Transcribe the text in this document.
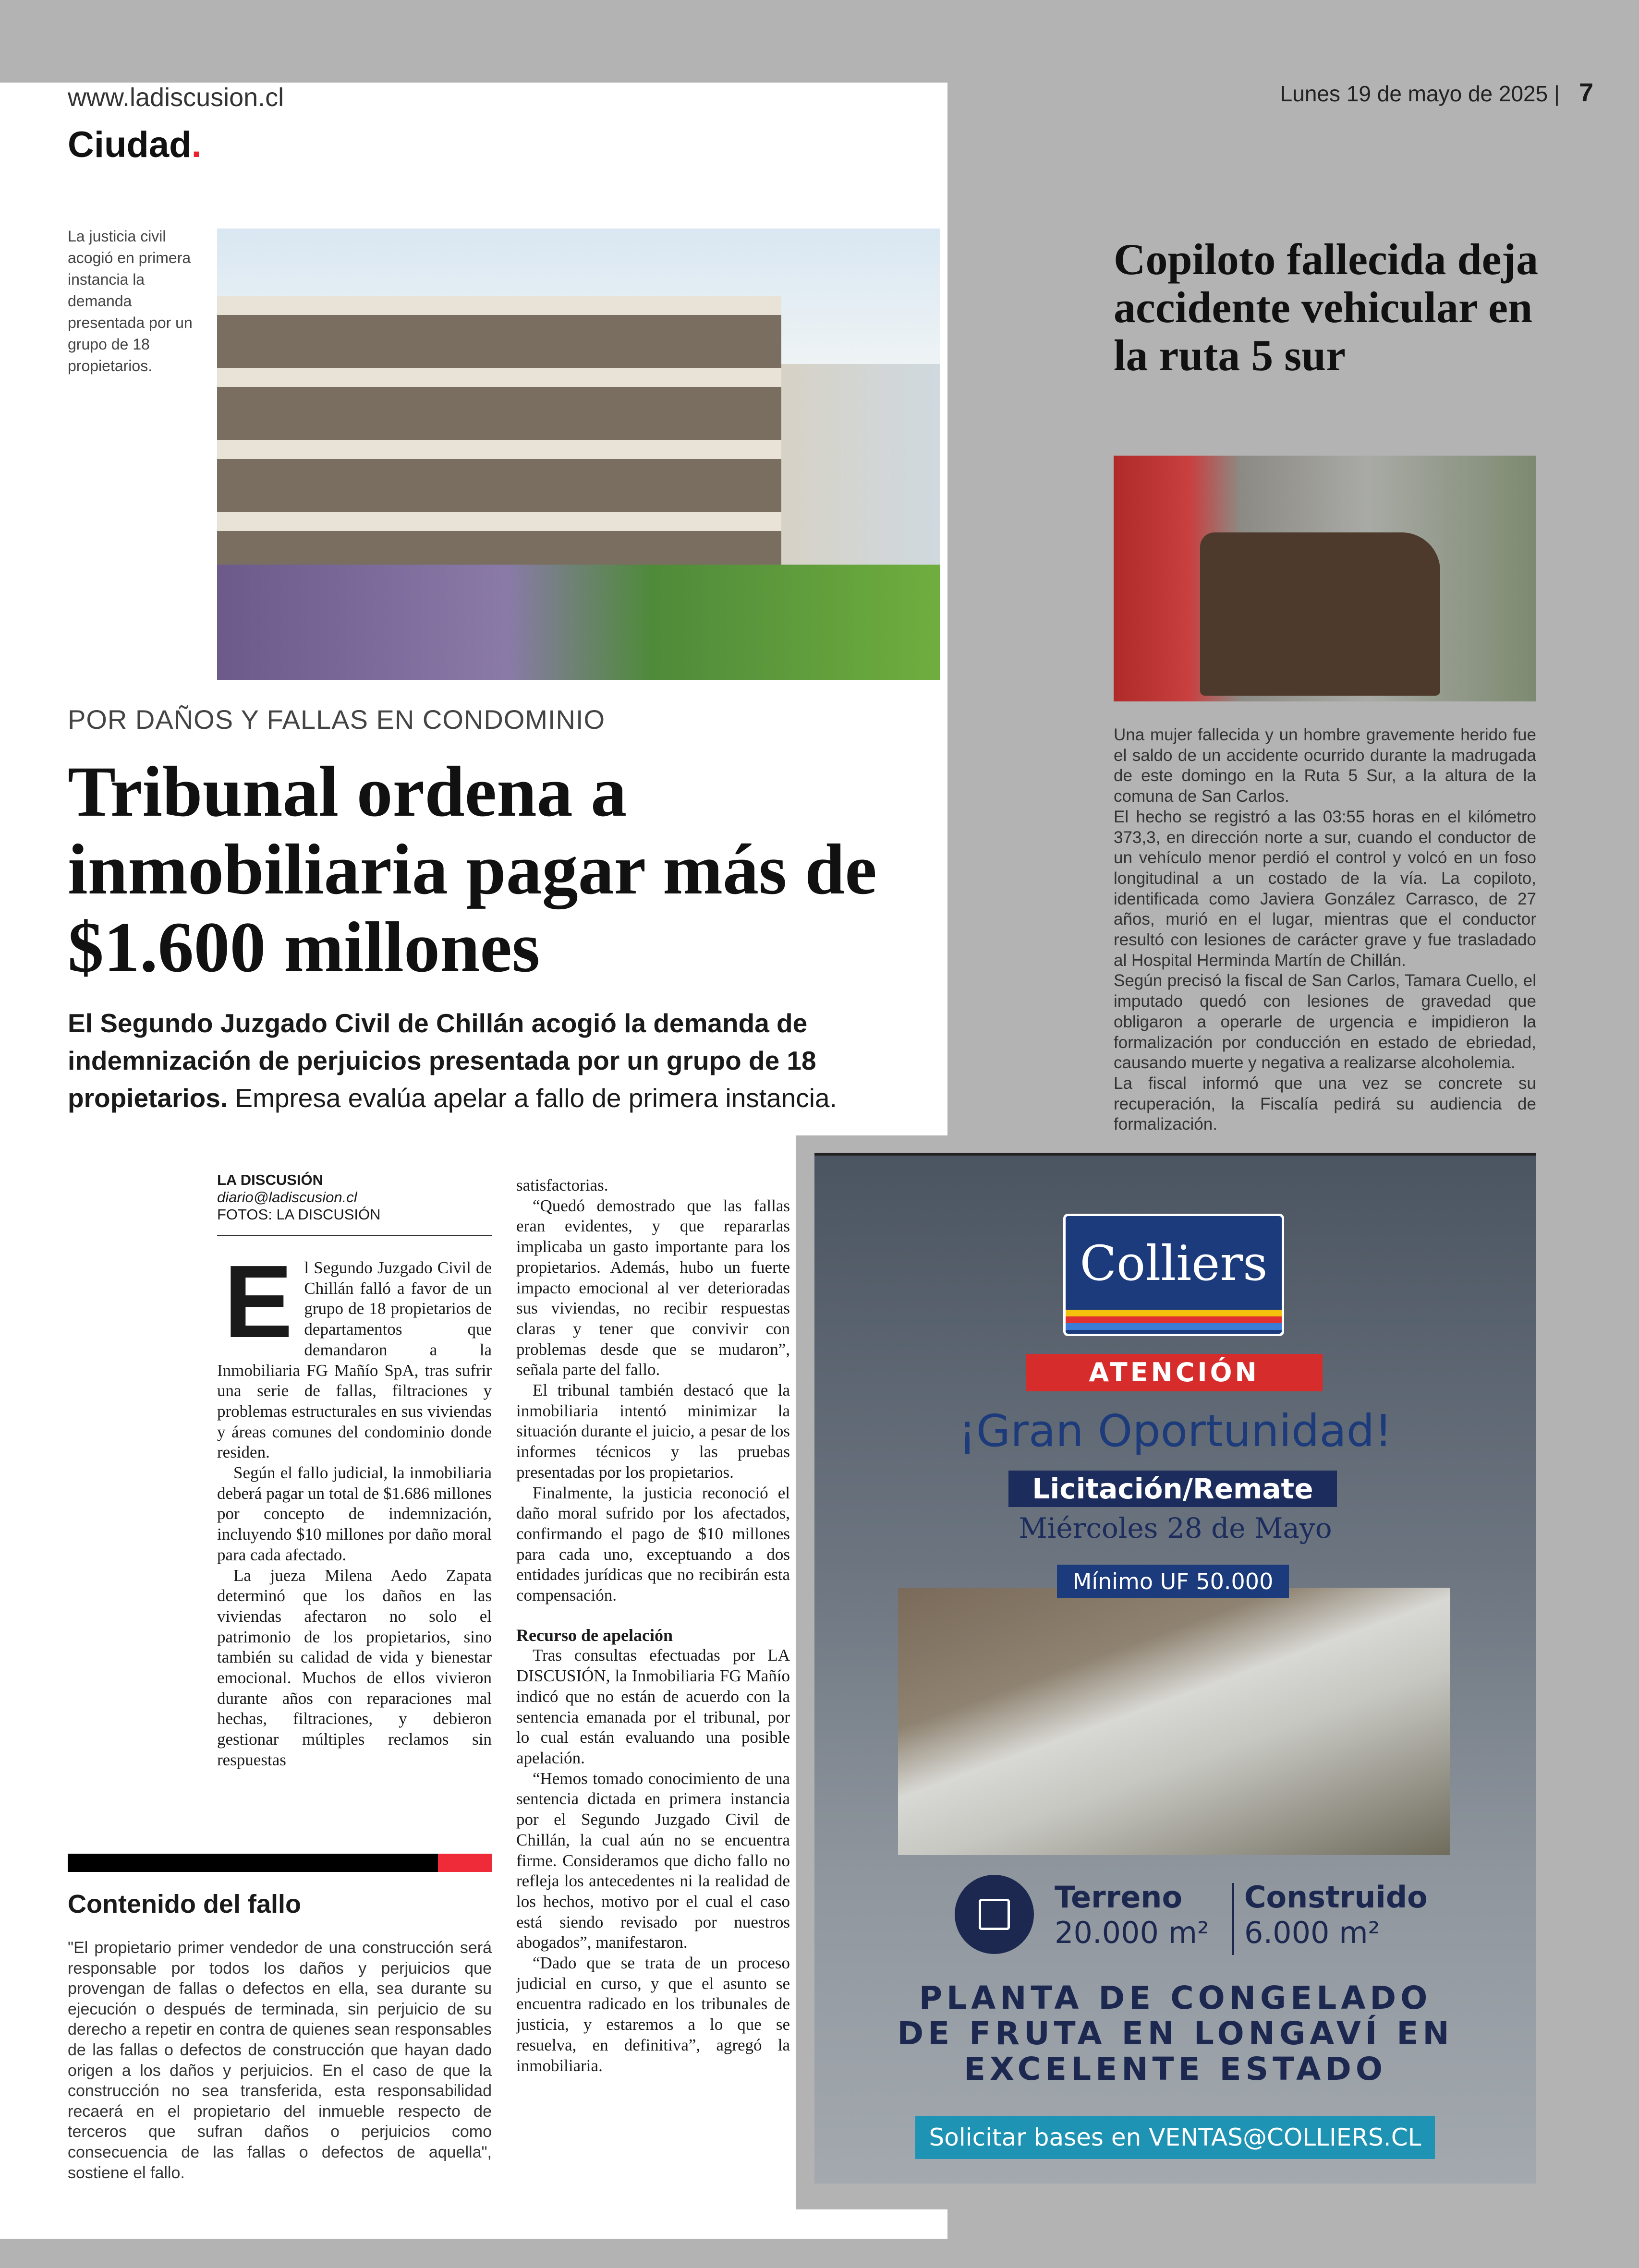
www.ladiscusion.cl	Lunes 19 de mayo de 2025 | 7
Ciudad.
La justicia civil acogió en primera instancia la demanda presentada por un grupo de 18 propietarios.
POR DAÑOS Y FALLAS EN CONDOMINIO
Tribunal ordena a inmobiliaria pagar más de $1.600 millones
El Segundo Juzgado Civil de Chillán acogió la demanda de indemnización de perjuicios presentada por un grupo de 18 propietarios. Empresa evalúa apelar a fallo de primera instancia.
LA DISCUSIÓN
diario@ladiscusion.cl
FOTOS: LA DISCUSIÓN
E l Segundo Juzgado Civil de Chillán falló a favor de un grupo de 18 propietarios de departamentos que demandaron a la Inmobiliaria FG Mañío SpA, tras sufrir una serie de fallas, filtraciones y problemas estructurales en sus viviendas y áreas comunes del condominio donde residen.

Según el fallo judicial, la inmobiliaria deberá pagar un total de $1.686 millones por concepto de indemnización, incluyendo $10 millones por daño moral para cada afectado.

La jueza Milena Aedo Zapata determinó que los daños en las viviendas afectaron no solo el patrimonio de los propietarios, sino también su calidad de vida y bienestar emocional. Muchos de ellos vivieron durante años con reparaciones mal hechas, filtraciones, y debieron gestionar múltiples reclamos sin respuestas

satisfactorias.

“Quedó demostrado que las fallas eran evidentes, y que repararlas implicaba un gasto importante para los propietarios. Además, hubo un fuerte impacto emocional al ver deterioradas sus viviendas, no recibir respuestas claras y tener que convivir con problemas desde que se mudaron”, señala parte del fallo.

El tribunal también destacó que la inmobiliaria intentó minimizar la situación durante el juicio, a pesar de los informes técnicos y las pruebas presentadas por los propietarios.

Finalmente, la justicia reconoció el daño moral sufrido por los afectados, confirmando el pago de $10 millones para cada uno, exceptuando a dos entidades jurídicas que no recibirán esta compensación.

Recurso de apelación

Tras consultas efectuadas por LA DISCUSIÓN, la Inmobiliaria FG Mañío indicó que no están de acuerdo con la sentencia emanada por el tribunal, por lo cual están evaluando una posible apelación.

“Hemos tomado conocimiento de una sentencia dictada en primera instancia por el Segundo Juzgado Civil de Chillán, la cual aún no se encuentra firme. Consideramos que dicho fallo no refleja los antecedentes ni la realidad de los hechos, motivo por el cual el caso está siendo revisado por nuestros abogados”, manifestaron.

“Dado que se trata de un proceso judicial en curso, y que el asunto se encuentra radicado en los tribunales de justicia, y estaremos a lo que se resuelva, en definitiva”, agregó la inmobiliaria.

Contenido del fallo
"El propietario primer vendedor de una construcción será responsable por todos los daños y perjuicios que provengan de fallas o defectos en ella, sea durante su ejecución o después de terminada, sin perjuicio de su derecho a repetir en contra de quienes sean responsables de las fallas o defectos de construcción que hayan dado origen a los daños y perjuicios. En el caso de que la construcción no sea transferida, esta responsabilidad recaerá en el propietario del inmueble respecto de terceros que sufran daños o perjuicios como consecuencia de las fallas o defectos de aquella", sostiene el fallo.
Copiloto fallecida deja accidente vehicular en la ruta 5 sur

Una mujer fallecida y un hombre gravemente herido fue el saldo de un accidente ocurrido durante la madrugada de este domingo en la Ruta 5 Sur, a la altura de la comuna de San Carlos.

El hecho se registró a las 03:55 horas en el kilómetro 373,3, en dirección norte a sur, cuando el conductor de un vehículo menor perdió el control y volcó en un foso longitudinal a un costado de la vía. La copiloto, identificada como Javiera González Carrasco, de 27 años, murió en el lugar, mientras que el conductor resultó con lesiones de carácter grave y fue trasladado al Hospital Herminda Martín de Chillán.

Según precisó la fiscal de San Carlos, Tamara Cuello, el imputado quedó con lesiones de gravedad que obligaron a operarle de urgencia e impidieron la formalización por conducción en estado de ebriedad, causando muerte y negativa a realizarse alcoholemia.

La fiscal informó que una vez se concrete su recuperación, la Fiscalía pedirá su audiencia de formalización.

Colliers
ATENCIÓN
¡Gran Oportunidad!
Licitación/Remate
Miércoles 28 de Mayo
Mínimo UF 50.000
Terreno
20.000 m²
Construido
6.000 m²
PLANTA DE CONGELADO
DE FRUTA EN LONGAVÍ EN
EXCELENTE ESTADO
Solicitar bases en VENTAS@COLLIERS.CL
